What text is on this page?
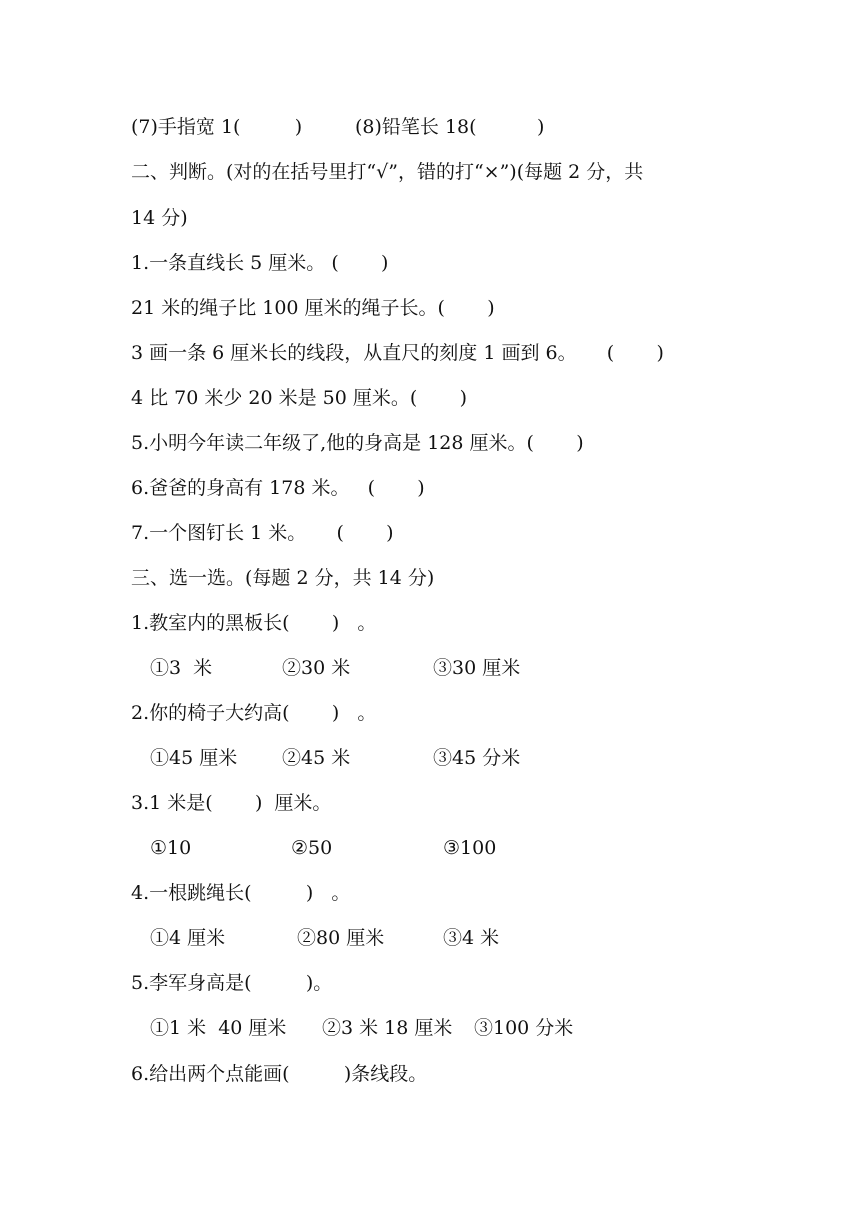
(7)手指宽 1(         )	(8)铅笔长 18(          )
二、判断。(对的在括号里打“√”，错的打“×”)(每题 2 分，共
14 分)
1.一条直线长 5 厘米。 (       )
21 米的绳子比 100 厘米的绳子长。(       )
3 画一条 6 厘米长的线段，从直尺的刻度 1 画到 6。     (       )
4 比 70 米少 20 米是 50 厘米。(       )
5.小明今年读二年级了,他的身高是 128 厘米。(       )
6.爸爸的身高有 178 米。   (       )
7.一个图钉长 1 米。     (       )
三、选一选。(每题 2 分，共 14 分)
1.教室内的黑板长(       )   。
①3  米	②30 米	③30 厘米
2.你的椅子大约高(       )   。
①45 厘米 ②45 米	③45 分米
3.1 米是(       )  厘米。
①10	②50	③100
4.一根跳绳长(         )   。
①4 厘米	②80 厘米	③4 米
5.李军身高是(         )。
①1 米  40 厘米 ②3 米 18 厘米 ③100 分米
6.给出两个点能画(         )条线段。
